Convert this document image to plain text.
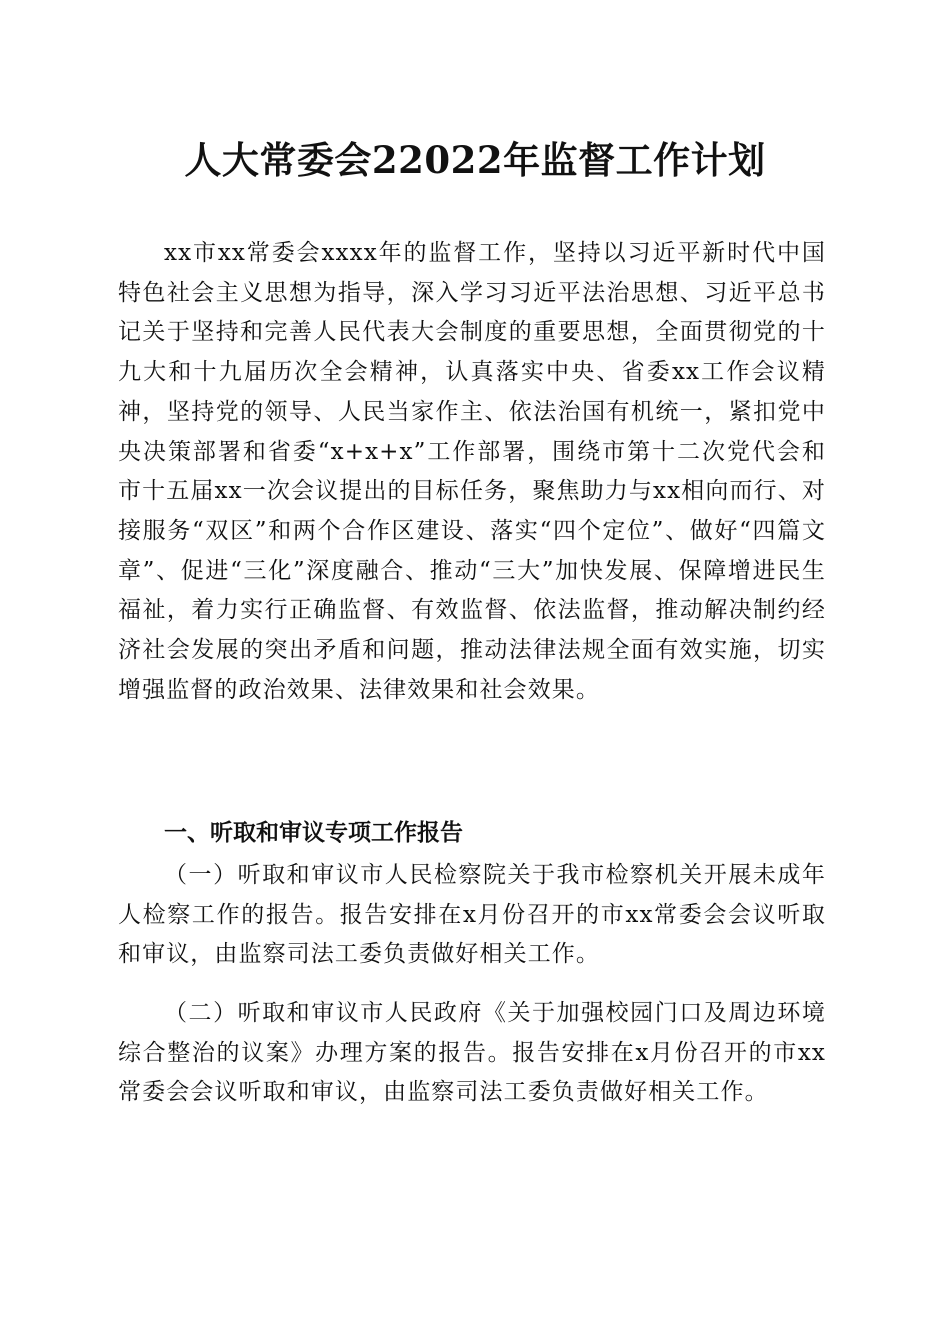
人大常委会22022年监督工作计划

xx市xx常委会xxxx年的监督工作，坚持以习近平新时代中国特色社会主义思想为指导，深入学习习近平法治思想、习近平总书记关于坚持和完善人民代表大会制度的重要思想，全面贯彻党的十九大和十九届历次全会精神，认真落实中央、省委xx工作会议精神，坚持党的领导、人民当家作主、依法治国有机统一，紧扣党中央决策部署和省委“x+x+x”工作部署，围绕市第十二次党代会和市十五届xx一次会议提出的目标任务，聚焦助力与xx相向而行、对接服务“双区”和两个合作区建设、落实“四个定位”、做好“四篇文章”、促进“三化”深度融合、推动“三大”加快发展、保障增进民生福祉，着力实行正确监督、有效监督、依法监督，推动解决制约经济社会发展的突出矛盾和问题，推动法律法规全面有效实施，切实增强监督的政治效果、法律效果和社会效果。

一、听取和审议专项工作报告

（一）听取和审议市人民检察院关于我市检察机关开展未成年人检察工作的报告。报告安排在x月份召开的市xx常委会会议听取和审议，由监察司法工委负责做好相关工作。

（二）听取和审议市人民政府《关于加强校园门口及周边环境综合整治的议案》办理方案的报告。报告安排在x月份召开的市xx常委会会议听取和审议，由监察司法工委负责做好相关工作。
